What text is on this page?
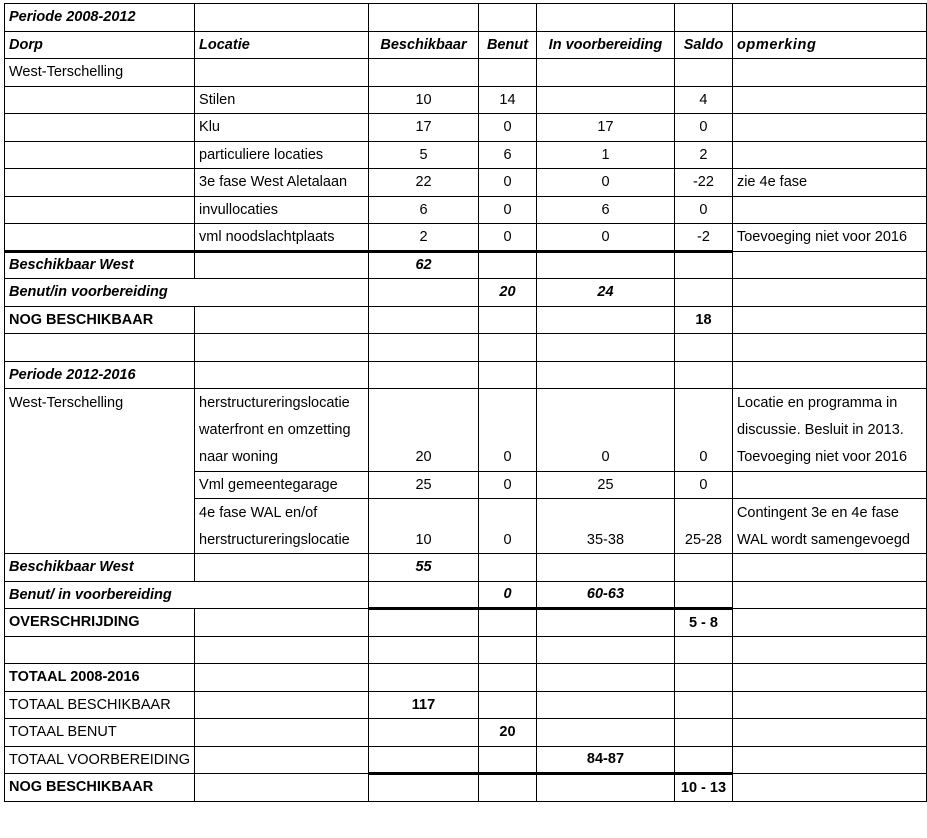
Periode 2008-2012						
Dorp	Locatie	Beschikbaar	Benut	In voorbereiding	Saldo	opmerking
West-Terschelling						
	Stilen	10	14		4	
	Klu	17	0	17	0	
	particuliere locaties	5	6	1	2	
	3e fase West Aletalaan	22	0	0	-22	zie 4e fase
	invullocaties	6	0	6	0	
	vml noodslachtplaats	2	0	0	-2	Toevoeging niet voor 2016
Beschikbaar West		62				
Benut/in voorbereiding			20	24		
NOG BESCHIKBAAR					18	

Periode 2012-2016						
West-Terschelling	herstructureringslocatie					Locatie en programma in
	waterfront en omzetting					discussie. Besluit in 2013.
	naar woning	20	0	0	0	Toevoeging niet voor 2016
	Vml gemeentegarage	25	0	25	0	
	4e fase WAL en/of					Contingent 3e en 4e fase
	herstructureringslocatie	10	0	35-38	25-28	WAL wordt samengevoegd
Beschikbaar West		55				
Benut/ in voorbereiding			0	60-63		
OVERSCHRIJDING					5 - 8	

TOTAAL 2008-2016						
TOTAAL BESCHIKBAAR		117				
TOTAAL BENUT			20			
TOTAAL VOORBEREIDING				84-87		
NOG BESCHIKBAAR					10 - 13	
